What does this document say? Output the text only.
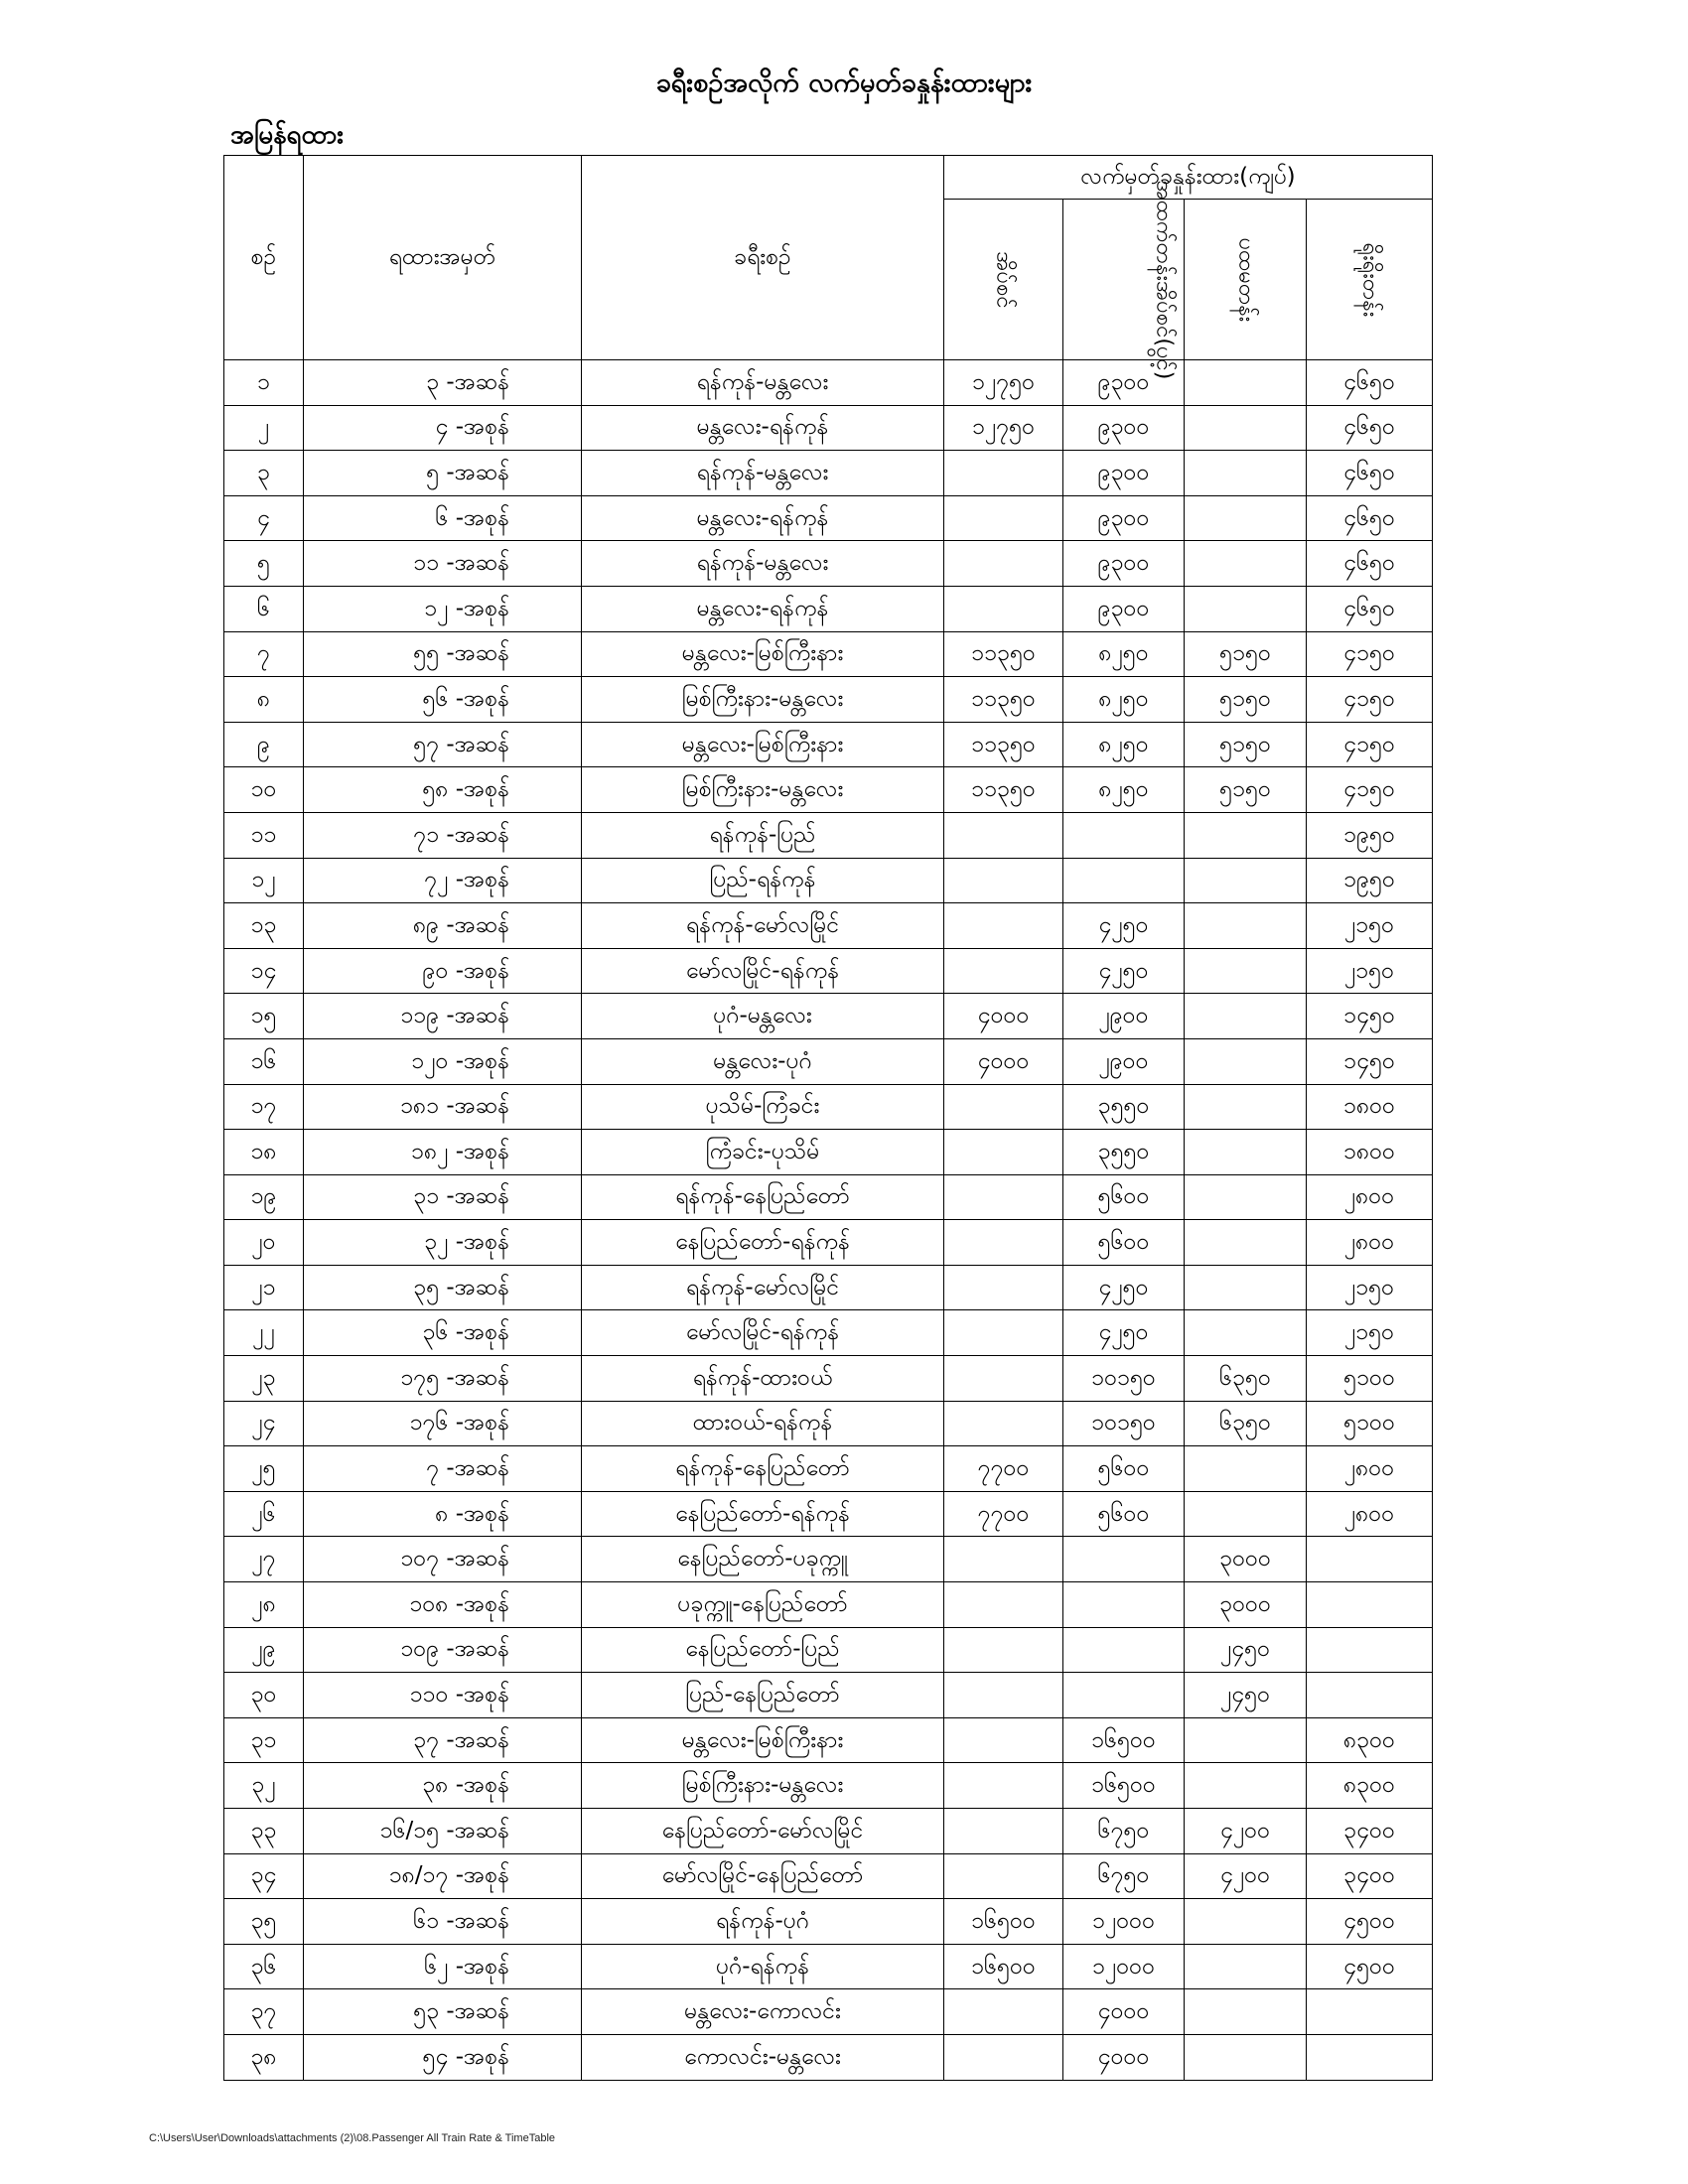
ခရီးစဉ်အလိုက် လက်မှတ်ခနှုန်းထားများ
အမြန်ရထား
စဉ်	ရထားအမှတ်	ခရီးစဉ်	လက်မှတ်ခနှုန်းထား(ကျပ်)			
			အိပ်စင်	အထက်တန်းအိပ်စင်(ပွင့်)	ပထမတန်း	ရိုးရိုးတန်း
၁	၃ -အဆန်	ရန်ကုန်-မန္တလေး	၁၂၇၅၀	၉၃၀၀		၄၆၅၀
၂	၄ -အစုန်	မန္တလေး-ရန်ကုန်	၁၂၇၅၀	၉၃၀၀		၄၆၅၀
၃	၅ -အဆန်	ရန်ကုန်-မန္တလေး		၉၃၀၀		၄၆၅၀
၄	၆ -အစုန်	မန္တလေး-ရန်ကုန်		၉၃၀၀		၄၆၅၀
၅	၁၁ -အဆန်	ရန်ကုန်-မန္တလေး		၉၃၀၀		၄၆၅၀
၆	၁၂ -အစုန်	မန္တလေး-ရန်ကုန်		၉၃၀၀		၄၆၅၀
၇	၅၅ -အဆန်	မန္တလေး-မြစ်ကြီးနား	၁၁၃၅၀	၈၂၅၀	၅၁၅၀	၄၁၅၀
၈	၅၆ -အစုန်	မြစ်ကြီးနား-မန္တလေး	၁၁၃၅၀	၈၂၅၀	၅၁၅၀	၄၁၅၀
၉	၅၇ -အဆန်	မန္တလေး-မြစ်ကြီးနား	၁၁၃၅၀	၈၂၅၀	၅၁၅၀	၄၁၅၀
၁၀	၅၈ -အစုန်	မြစ်ကြီးနား-မန္တလေး	၁၁၃၅၀	၈၂၅၀	၅၁၅၀	၄၁၅၀
၁၁	၇၁ -အဆန်	ရန်ကုန်-ပြည်				၁၉၅၀
၁၂	၇၂ -အစုန်	ပြည်-ရန်ကုန်				၁၉၅၀
၁၃	၈၉ -အဆန်	ရန်ကုန်-မော်လမြိုင်		၄၂၅၀		၂၁၅၀
၁၄	၉၀ -အစုန်	မော်လမြိုင်-ရန်ကုန်		၄၂၅၀		၂၁၅၀
၁၅	၁၁၉ -အဆန်	ပုဂံ-မန္တလေး	၄၀၀၀	၂၉၀၀		၁၄၅၀
၁၆	၁၂၀ -အစုန်	မန္တလေး-ပုဂံ	၄၀၀၀	၂၉၀၀		၁၄၅၀
၁၇	၁၈၁ -အဆန်	ပုသိမ်-ကြံခင်း		၃၅၅၀		၁၈၀၀
၁၈	၁၈၂ -အစုန်	ကြံခင်း-ပုသိမ်		၃၅၅၀		၁၈၀၀
၁၉	၃၁ -အဆန်	ရန်ကုန်-နေပြည်တော်		၅၆၀၀		၂၈၀၀
၂၀	၃၂ -အစုန်	နေပြည်တော်-ရန်ကုန်		၅၆၀၀		၂၈၀၀
၂၁	၃၅ -အဆန်	ရန်ကုန်-မော်လမြိုင်		၄၂၅၀		၂၁၅၀
၂၂	၃၆ -အစုန်	မော်လမြိုင်-ရန်ကုန်		၄၂၅၀		၂၁၅၀
၂၃	၁၇၅ -အဆန်	ရန်ကုန်-ထားဝယ်		၁၀၁၅၀	၆၃၅၀	၅၁၀၀
၂၄	၁၇၆ -အစုန်	ထားဝယ်-ရန်ကုန်		၁၀၁၅၀	၆၃၅၀	၅၁၀၀
၂၅	၇ -အဆန်	ရန်ကုန်-နေပြည်တော်	၇၇၀၀	၅၆၀၀		၂၈၀၀
၂၆	၈ -အစုန်	နေပြည်တော်-ရန်ကုန်	၇၇၀၀	၅၆၀၀		၂၈၀၀
၂၇	၁၀၇ -အဆန်	နေပြည်တော်-ပခုက္ကူ			၃၀၀၀	
၂၈	၁၀၈ -အစုန်	ပခုက္ကူ-နေပြည်တော်			၃၀၀၀	
၂၉	၁၀၉ -အဆန်	နေပြည်တော်-ပြည်			၂၄၅၀	
၃၀	၁၁၀ -အစုန်	ပြည်-နေပြည်တော်			၂၄၅၀	
၃၁	၃၇ -အဆန်	မန္တလေး-မြစ်ကြီးနား		၁၆၅၀၀		၈၃၀၀
၃၂	၃၈ -အစုန်	မြစ်ကြီးနား-မန္တလေး		၁၆၅၀၀		၈၃၀၀
၃၃	၁၆/၁၅ -အဆန်	နေပြည်တော်-မော်လမြိုင်		၆၇၅၀	၄၂၀၀	၃၄၀၀
၃၄	၁၈/၁၇ -အစုန်	မော်လမြိုင်-နေပြည်တော်		၆၇၅၀	၄၂၀၀	၃၄၀၀
၃၅	၆၁ -အဆန်	ရန်ကုန်-ပုဂံ	၁၆၅၀၀	၁၂၀၀၀		၄၅၀၀
၃၆	၆၂ -အစုန်	ပုဂံ-ရန်ကုန်	၁၆၅၀၀	၁၂၀၀၀		၄၅၀၀
၃၇	၅၃ -အဆန်	မန္တလေး-ကောလင်း		၄၀၀၀		
၃၈	၅၄ -အစုန်	ကောလင်း-မန္တလေး		၄၀၀၀		
C:\Users\User\Downloads\attachments (2)\08.Passenger All Train Rate & TimeTable
